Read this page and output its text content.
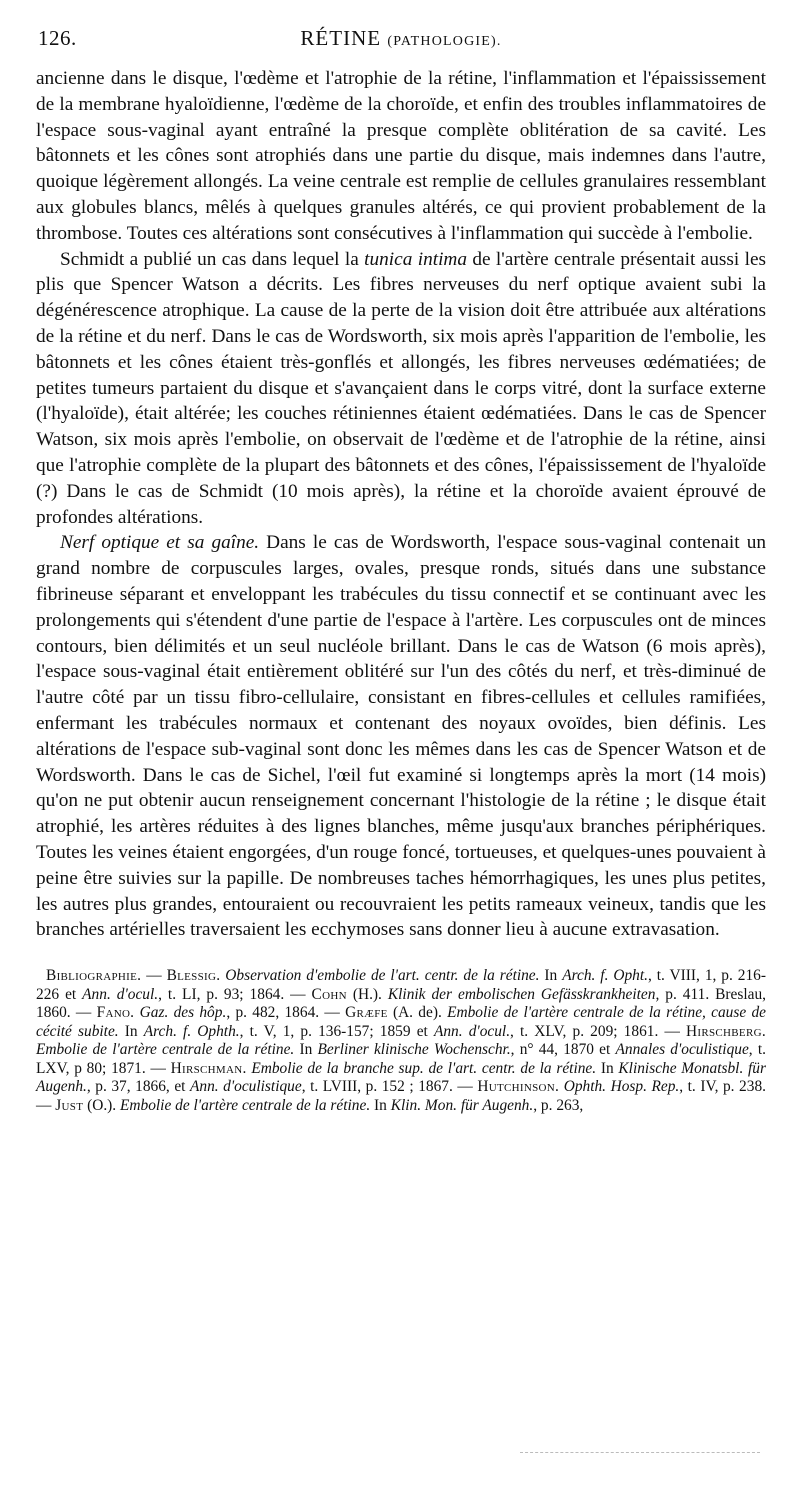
126.	RÉTINE (PATHOLOGIE).

ancienne dans le disque, l'œdème et l'atrophie de la rétine, l'inflammation et l'épaississement de la membrane hyaloïdienne, l'œdème de la choroïde, et enfin des troubles inflammatoires de l'espace sous-vaginal ayant entraîné la presque complète oblitération de sa cavité. Les bâtonnets et les cônes sont atrophiés dans une partie du disque, mais indemnes dans l'autre, quoique légèrement allongés. La veine centrale est remplie de cellules granulaires ressemblant aux globules blancs, mêlés à quelques granules altérés, ce qui provient probablement de la thrombose. Toutes ces altérations sont consécutives à l'inflammation qui succède à l'embolie.

Schmidt a publié un cas dans lequel la tunica intima de l'artère centrale présentait aussi les plis que Spencer Watson a décrits. Les fibres nerveuses du nerf optique avaient subi la dégénérescence atrophique. La cause de la perte de la vision doit être attribuée aux altérations de la rétine et du nerf. Dans le cas de Wordsworth, six mois après l'apparition de l'embolie, les bâtonnets et les cônes étaient très-gonflés et allongés, les fibres nerveuses œdématiées; de petites tumeurs partaient du disque et s'avançaient dans le corps vitré, dont la surface externe (l'hyaloïde), était altérée; les couches rétiniennes étaient œdématiées. Dans le cas de Spencer Watson, six mois après l'embolie, on observait de l'œdème et de l'atrophie de la rétine, ainsi que l'atrophie complète de la plupart des bâtonnets et des cônes, l'épaississement de l'hyaloïde (?) Dans le cas de Schmidt (10 mois après), la rétine et la choroïde avaient éprouvé de profondes altérations.

Nerf optique et sa gaîne. Dans le cas de Wordsworth, l'espace sous-vaginal contenait un grand nombre de corpuscules larges, ovales, presque ronds, situés dans une substance fibrineuse séparant et enveloppant les trabécules du tissu connectif et se continuant avec les prolongements qui s'étendent d'une partie de l'espace à l'artère. Les corpuscules ont de minces contours, bien délimités et un seul nucléole brillant. Dans le cas de Watson (6 mois après), l'espace sous-vaginal était entièrement oblitéré sur l'un des côtés du nerf, et très-diminué de l'autre côté par un tissu fibro-cellulaire, consistant en fibres-cellules et cellules ramifiées, enfermant les trabécules normaux et contenant des noyaux ovoïdes, bien définis. Les altérations de l'espace sub-vaginal sont donc les mêmes dans les cas de Spencer Watson et de Wordsworth. Dans le cas de Sichel, l'œil fut examiné si longtemps après la mort (14 mois) qu'on ne put obtenir aucun renseignement concernant l'histologie de la rétine ; le disque était atrophié, les artères réduites à des lignes blanches, même jusqu'aux branches périphériques. Toutes les veines étaient engorgées, d'un rouge foncé, tortueuses, et quelques-unes pouvaient à peine être suivies sur la papille. De nombreuses taches hémorrhagiques, les unes plus petites, les autres plus grandes, entouraient ou recouvraient les petits rameaux veineux, tandis que les branches artérielles traversaient les ecchymoses sans donner lieu à aucune extravasation.

Bibliographie. — Blessig. Observation d'embolie de l'art. centr. de la rétine. In Arch. f. Opht., t. VIII, 1, p. 216-226 et Ann. d'ocul., t. LI, p. 93; 1864. — Cohn (H.). Klinik der embolischen Gefässkrankheiten, p. 411. Breslau, 1860. — Fano. Gaz. des hôp., p. 482, 1864. — Græfe (A. de). Embolie de l'artère centrale de la rétine, cause de cécité subite. In Arch. f. Ophth., t. V, 1, p. 136-157; 1859 et Ann. d'ocul., t. XLV, p. 209; 1861. — Hirschberg. Embolie de l'artère centrale de la rétine. In Berliner klinische Wochenschr., n° 44, 1870 et Annales d'oculistique, t. LXV, p 80; 1871. — Hirschman. Embolie de la branche sup. de l'art. centr. de la rétine. In Klinische Monatsbl. für Augenh., p. 37, 1866, et Ann. d'oculistique, t. LVIII, p. 152 ; 1867. — Hutchinson. Ophth. Hosp. Rep., t. IV, p. 238. — Just (O.). Embolie de l'artère centrale de la rétine. In Klin. Mon. für Augenh., p. 263,
